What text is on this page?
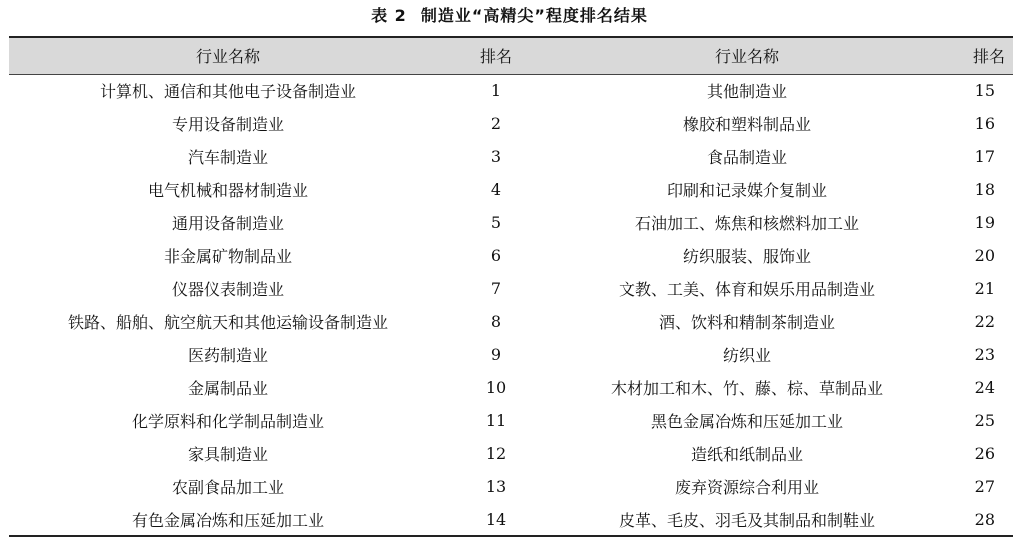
表 2 制造业“高精尖”程度排名结果
行业名称	排名	行业名称	排名
计算机、通信和其他电子设备制造业	1	其他制造业	15
专用设备制造业	2	橡胶和塑料制品业	16
汽车制造业	3	食品制造业	17
电气机械和器材制造业	4	印刷和记录媒介复制业	18
通用设备制造业	5	石油加工、炼焦和核燃料加工业	19
非金属矿物制品业	6	纺织服装、服饰业	20
仪器仪表制造业	7	文教、工美、体育和娱乐用品制造业	21
铁路、船舶、航空航天和其他运输设备制造业	8	酒、饮料和精制茶制造业	22
医药制造业	9	纺织业	23
金属制品业	10	木材加工和木、竹、藤、棕、草制品业	24
化学原料和化学制品制造业	11	黑色金属冶炼和压延加工业	25
家具制造业	12	造纸和纸制品业	26
农副食品加工业	13	废弃资源综合利用业	27
有色金属冶炼和压延加工业	14	皮革、毛皮、羽毛及其制品和制鞋业	28
